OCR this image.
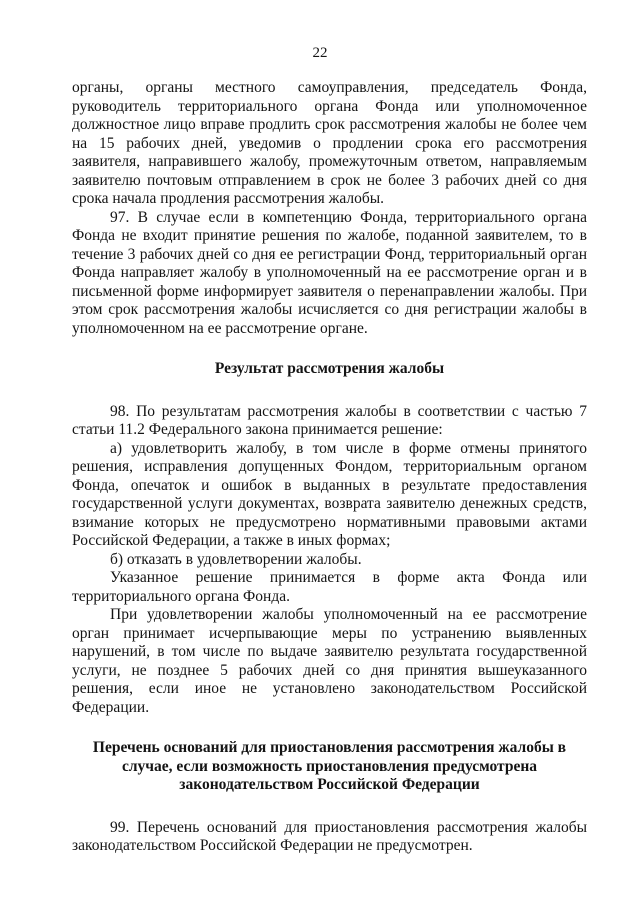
22

органы, органы местного самоуправления, председатель Фонда, руководитель территориального органа Фонда или уполномоченное должностное лицо вправе продлить срок рассмотрения жалобы не более чем на 15 рабочих дней, уведомив о продлении срока его рассмотрения заявителя, направившего жалобу, промежуточным ответом, направляемым заявителю почтовым отправлением в срок не более 3 рабочих дней со дня срока начала продления рассмотрения жалобы.

97. В случае если в компетенцию Фонда, территориального органа Фонда не входит принятие решения по жалобе, поданной заявителем, то в течение 3 рабочих дней со дня ее регистрации Фонд, территориальный орган Фонда направляет жалобу в уполномоченный на ее рассмотрение орган и в письменной форме информирует заявителя о перенаправлении жалобы. При этом срок рассмотрения жалобы исчисляется со дня регистрации жалобы в уполномоченном на ее рассмотрение органе.

Результат рассмотрения жалобы

98. По результатам рассмотрения жалобы в соответствии с частью 7 статьи 11.2 Федерального закона принимается решение:

а) удовлетворить жалобу, в том числе в форме отмены принятого решения, исправления допущенных Фондом, территориальным органом Фонда, опечаток и ошибок в выданных в результате предоставления государственной услуги документах, возврата заявителю денежных средств, взимание которых не предусмотрено нормативными правовыми актами Российской Федерации, а также в иных формах;

б) отказать в удовлетворении жалобы.

Указанное решение принимается в форме акта Фонда или территориального органа Фонда.

При удовлетворении жалобы уполномоченный на ее рассмотрение орган принимает исчерпывающие меры по устранению выявленных нарушений, в том числе по выдаче заявителю результата государственной услуги, не позднее 5 рабочих дней со дня принятия вышеуказанного решения, если иное не установлено законодательством Российской Федерации.

Перечень оснований для приостановления рассмотрения жалобы в

случае, если возможность приостановления предусмотрена

законодательством Российской Федерации

99. Перечень оснований для приостановления рассмотрения жалобы законодательством Российской Федерации не предусмотрен.
